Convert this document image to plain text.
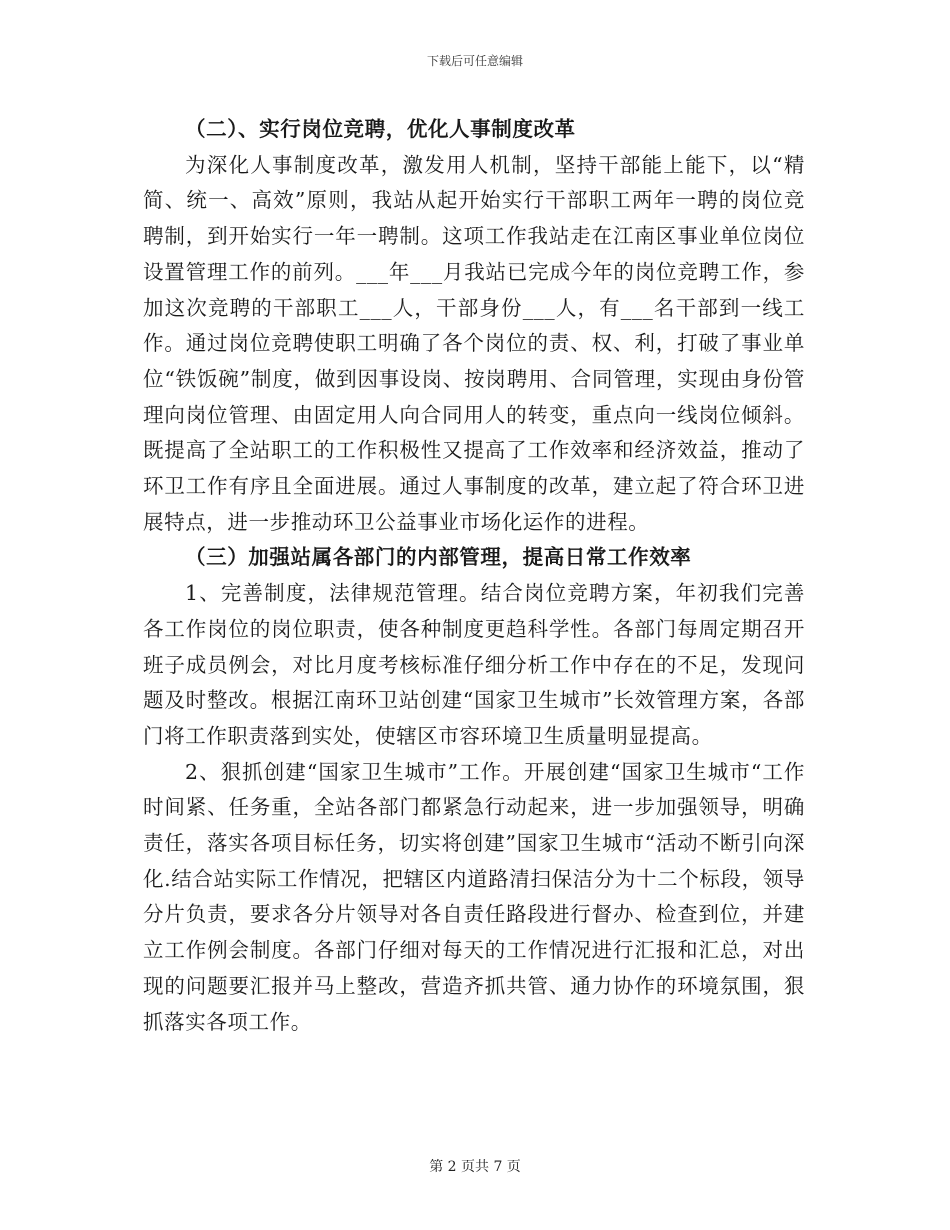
下载后可任意编辑

（二）、实行岗位竞聘，优化人事制度改革

为深化人事制度改革，激发用人机制，坚持干部能上能下，以“精简、统一、高效”原则，我站从起开始实行干部职工两年一聘的岗位竞聘制，到开始实行一年一聘制。这项工作我站走在江南区事业单位岗位设置管理工作的前列。___年___月我站已完成今年的岗位竞聘工作，参加这次竞聘的干部职工___人，干部身份___人，有___名干部到一线工作。通过岗位竞聘使职工明确了各个岗位的责、权、利，打破了事业单位“铁饭碗”制度，做到因事设岗、按岗聘用、合同管理，实现由身份管理向岗位管理、由固定用人向合同用人的转变，重点向一线岗位倾斜。既提高了全站职工的工作积极性又提高了工作效率和经济效益，推动了环卫工作有序且全面进展。通过人事制度的改革，建立起了符合环卫进展特点，进一步推动环卫公益事业市场化运作的进程。

（三）加强站属各部门的内部管理，提高日常工作效率

1、完善制度，法律规范管理。结合岗位竞聘方案，年初我们完善各工作岗位的岗位职责，使各种制度更趋科学性。各部门每周定期召开班子成员例会，对比月度考核标准仔细分析工作中存在的不足，发现问题及时整改。根据江南环卫站创建“国家卫生城市”长效管理方案，各部门将工作职责落到实处，使辖区市容环境卫生质量明显提高。

2、狠抓创建“国家卫生城市”工作。开展创建“国家卫生城市“工作时间紧、任务重，全站各部门都紧急行动起来，进一步加强领导，明确责任，落实各项目标任务，切实将创建”国家卫生城市“活动不断引向深化.结合站实际工作情况，把辖区内道路清扫保洁分为十二个标段，领导分片负责，要求各分片领导对各自责任路段进行督办、检查到位，并建立工作例会制度。各部门仔细对每天的工作情况进行汇报和汇总，对出现的问题要汇报并马上整改，营造齐抓共管、通力协作的环境氛围，狠抓落实各项工作。

第 2 页共 7 页
